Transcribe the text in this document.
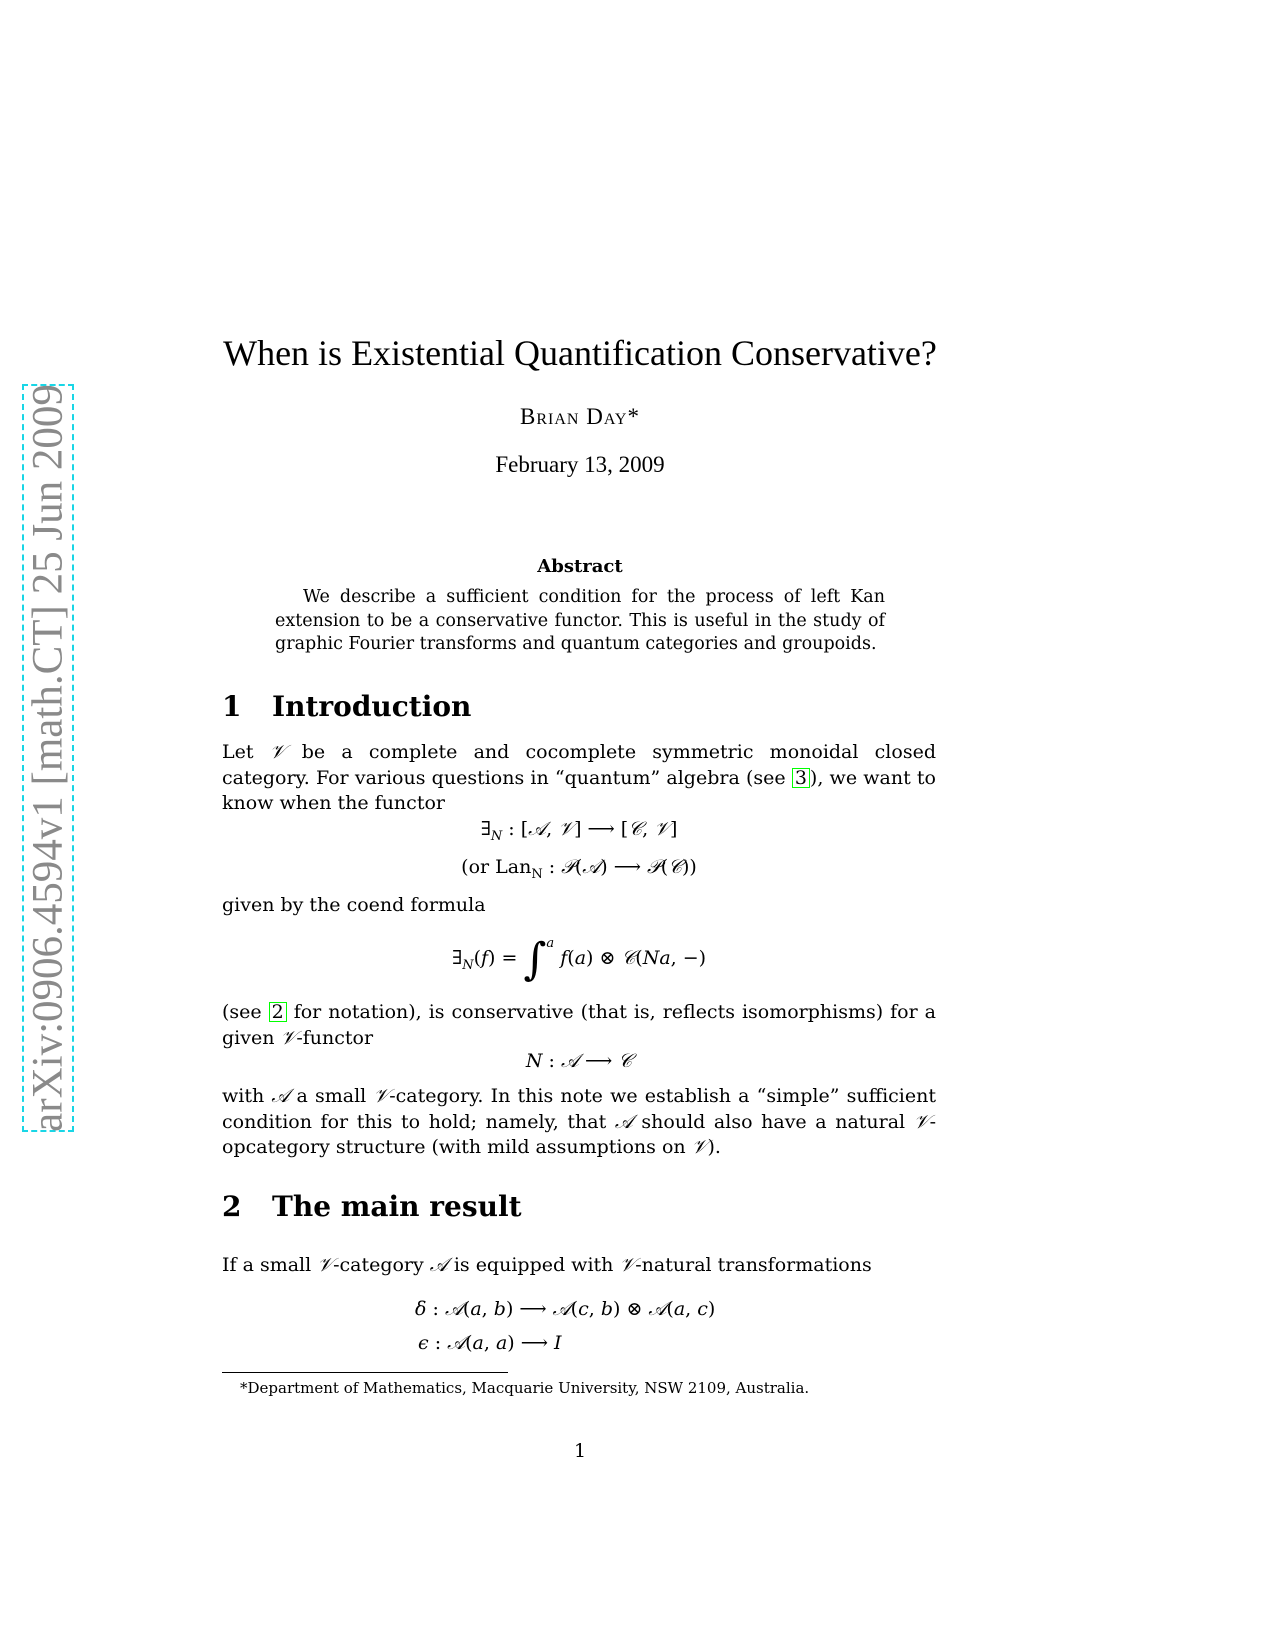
arXiv:0906.4594v1 [math.CT] 25 Jun 2009
When is Existential Quantification Conservative?
Brian Day*
February 13, 2009
Abstract
We describe a sufficient condition for the process of left Kan extension to be a conservative functor. This is useful in the study of graphic Fourier transforms and quantum categories and groupoids.
1 Introduction
Let 𝒱 be a complete and cocomplete symmetric monoidal closed category. For various questions in “quantum” algebra (see 3 ), we want to know when the functor
$\exists_N$ : [𝒜, 𝒱] ⟶ [𝒞, 𝒱]
(or Lan$_N$ : 𝒫(𝒜) ⟶ 𝒫(𝒞))
given by the coend formula
$\exists_N(f) = \int^a$ f(a) ⊗ 𝒞(Na, −)
(see 2 for notation), is conservative (that is, reflects isomorphisms) for a given 𝒱-functor
N : 𝒜 ⟶ 𝒞
with 𝒜 a small 𝒱-category. In this note we establish a “simple” sufficient condition for this to hold; namely, that 𝒜 should also have a natural 𝒱-opcategory structure (with mild assumptions on 𝒱).
2 The main result
If a small 𝒱-category 𝒜 is equipped with 𝒱-natural transformations
δ : 𝒜(a, b) ⟶ 𝒜(c, b) ⊗ 𝒜(a, c)
ϵ : 𝒜(a, a) ⟶ I
*Department of Mathematics, Macquarie University, NSW 2109, Australia.
1
